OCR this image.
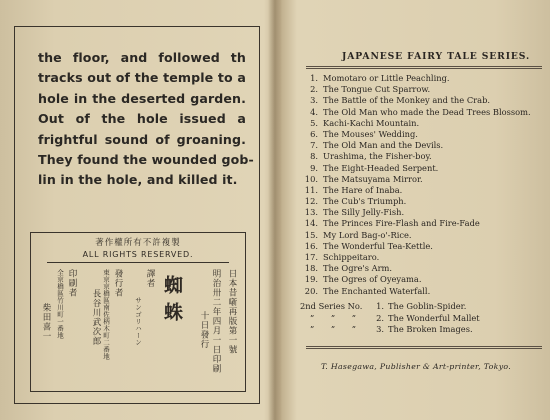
the floor, and followed th
tracks out of the temple to a
hole in the deserted garden.
Out of the hole issued a
frightful sound of groaning.
They found the wounded gob-
lin in the hole, and killed it.
著作權所有不許複製
ALL RIGHTS RESERVED.
日本昔噺再版第一號
明治卅二年四月一日印刷
十日發行
蜘蛛
譯者
サンゴリハーン
發行者
東京京橋區南佐柄木町二番地
長谷川武次郎
印刷者
全京橋區竹川町一番地
柴田喜一
JAPANESE FAIRY TALE SERIES.
1. Momotaro or Little Peachling.
2. The Tongue Cut Sparrow.
3. The Battle of the Monkey and the Crab.
4. The Old Man who made the Dead Trees Blossom.
5. Kachi-Kachi Mountain.
6. The Mouses' Wedding.
7. The Old Man and the Devils.
8. Urashima, the Fisher-boy.
9. The Eight-Headed Serpent.
10. The Matsuyama Mirror.
11. The Hare of Inaba.
12. The Cub's Triumph.
13. The Silly Jelly-Fish.
14. The Princes Fire-Flash and Fire-Fade
15. My Lord Bag-o'-Rice.
16. The Wonderful Tea-Kettle.
17. Schippeitaro.
18. The Ogre's Arm.
19. The Ogres of Oyeyama.
20. The Enchanted Waterfall.
2nd Series No. 1. The Goblin-Spider.
” ” ” 2. The Wonderful Mallet
” ” ” 3. The Broken Images.
T. Hasegawa, Publisher & Art-printer, Tokyo.
